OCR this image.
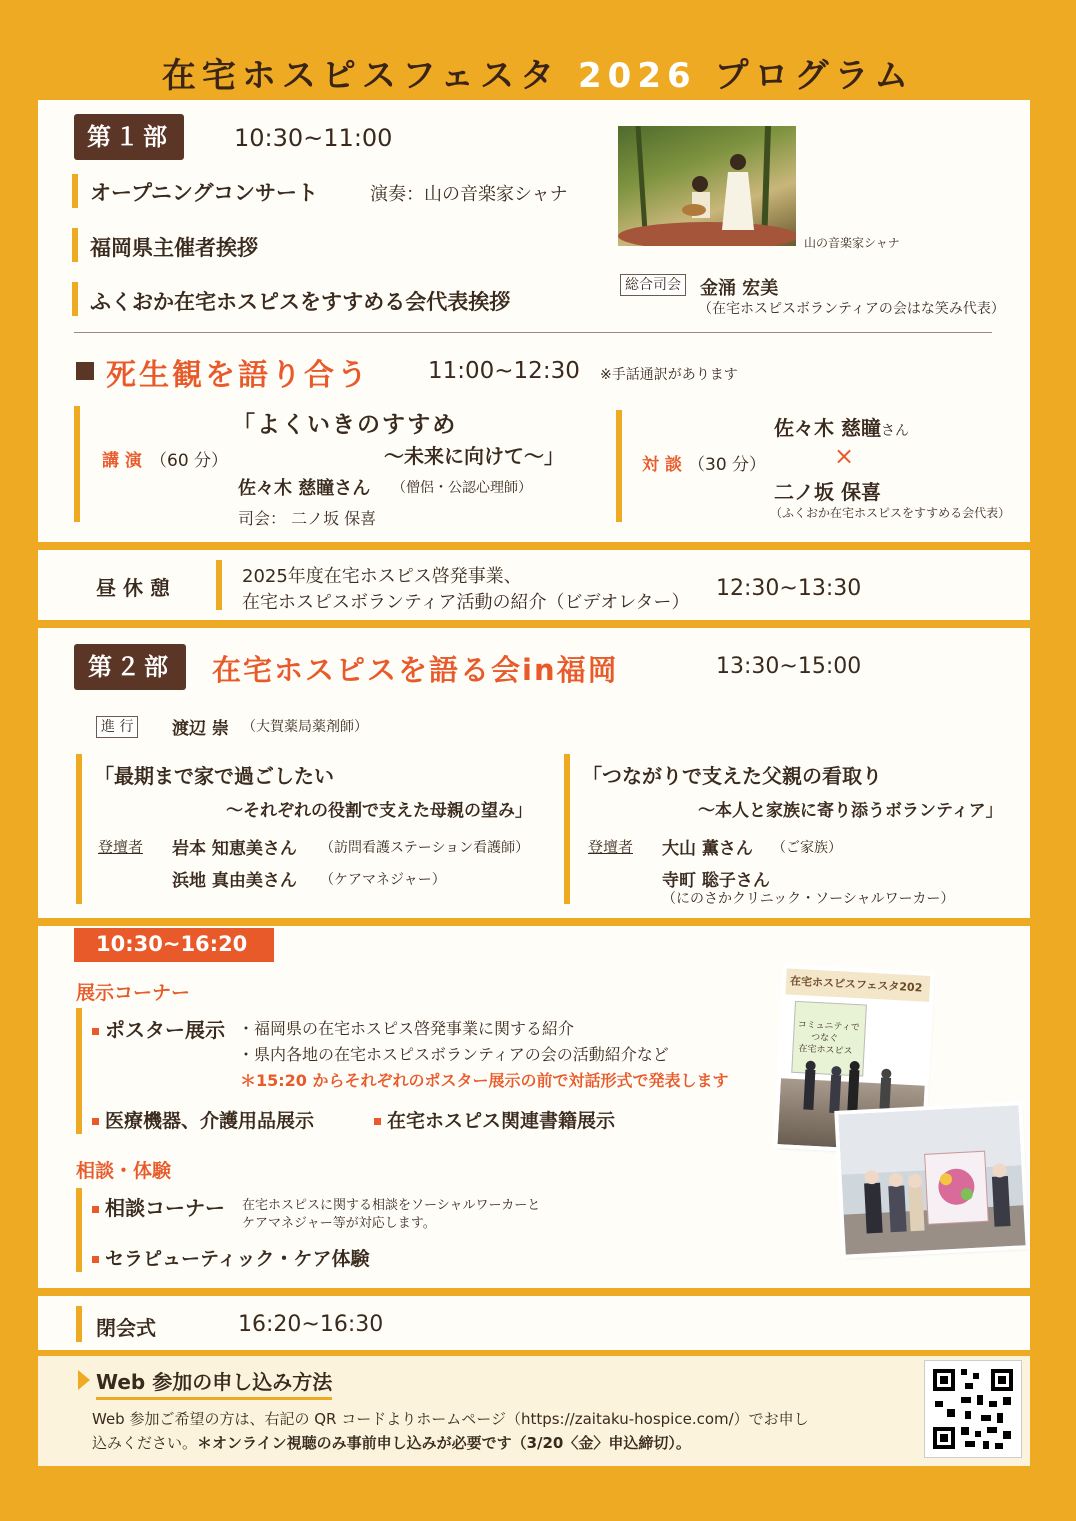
在宅ホスピスフェスタ 2026 プログラム
第１部	10:30~11:00
オープニングコンサート	演奏：山の音楽家シャナ
福岡県主催者挨拶
ふくおか在宅ホスピスをすすめる会代表挨拶
山の音楽家シャナ
総合司会 金涌 宏美
（在宅ホスピスボランティアの会はな笑み代表）
死生観を語り合う	11:00~12:30 ※手話通訳があります
講 演 （60 分）
「よくいきのすすめ
～未来に向けて～」
佐々木 慈瞳さん （僧侶・公認心理師）
司会： 二ノ坂 保喜
対 談 （30 分）
佐々木 慈瞳さん
×
二ノ坂 保喜
（ふくおか在宅ホスピスをすすめる会代表）
昼 休 憩	2025年度在宅ホスピス啓発事業、
在宅ホスピスボランティア活動の紹介（ビデオレター）
12:30~13:30
第２部	在宅ホスピスを語る会in福岡	13:30~15:00
進 行 渡辺 崇 （大賀薬局薬剤師）
「最期まで家で過ごしたい
～それぞれの役割で支えた母親の望み」
登壇者 岩本 知恵美さん （訪問看護ステーション看護師）
浜地 真由美さん （ケアマネジャー）
「つながりで支えた父親の看取り
～本人と家族に寄り添うボランティア」
登壇者 大山 薫さん （ご家族）
寺町 聡子さん
（にのさかクリニック・ソーシャルワーカー）
10:30~16:20
展示コーナー
ポスター展示 ・福岡県の在宅ホスピス啓発事業に関する紹介
・県内各地の在宅ホスピスボランティアの会の活動紹介など
＊15:20 からそれぞれのポスター展示の前で対話形式で発表します
医療機器、介護用品展示	在宅ホスピス関連書籍展示
相談・体験
相談コーナー 在宅ホスピスに関する相談をソーシャルワーカーと
ケアマネジャー等が対応します。
セラピューティック・ケア体験
在宅ホスピスフェスタ202
コミュニティで
つなぐ
在宅ホスピス
閉会式	16:20~16:30
Web 参加の申し込み方法
Web 参加ご希望の方は、右記の QR コードよりホームページ（https://zaitaku-hospice.com/）でお申し
込みください。＊オンライン視聴のみ事前申し込みが必要です（3/20〈金〉申込締切）。
